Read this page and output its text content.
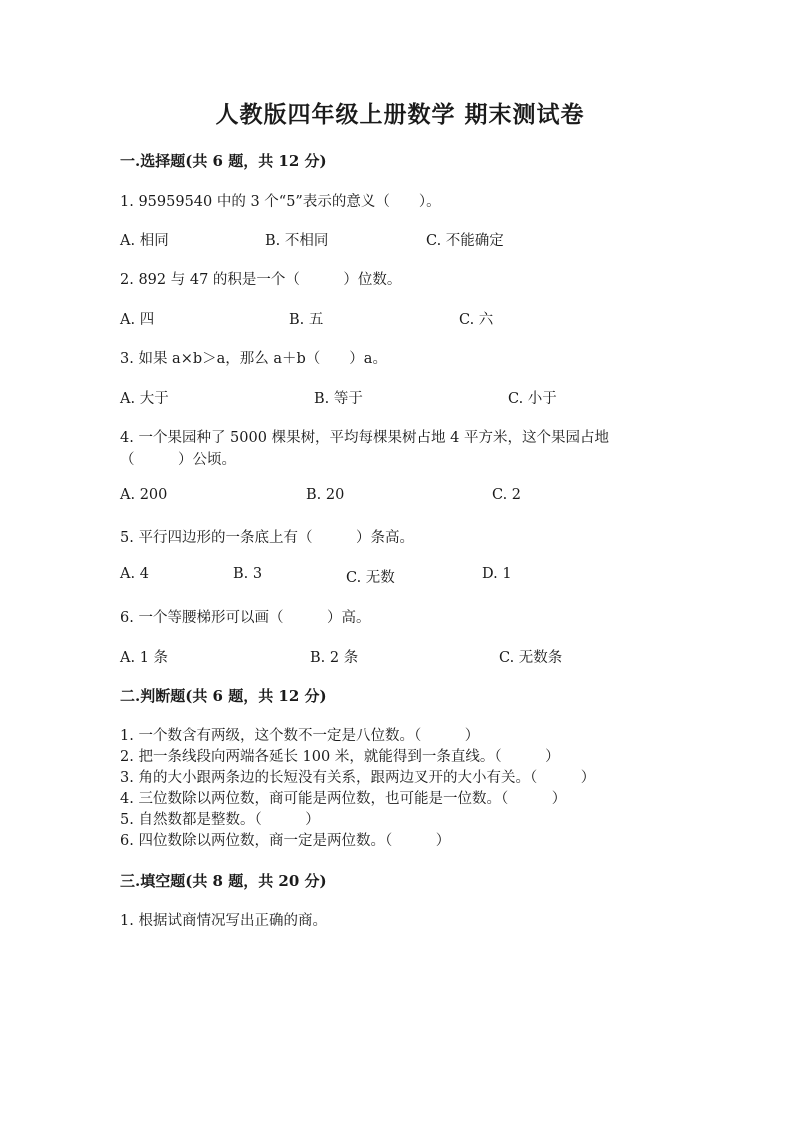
人教版四年级上册数学 期末测试卷
一.选择题(共 6 题，共 12 分)
1. 95959540 中的 3 个“5”表示的意义（　　）。
A. 相同	B. 不相同	C. 不能确定
2. 892 与 47 的积是一个（　　　）位数。
A. 四	B. 五	C. 六
3. 如果 a×b＞a，那么 a＋b（　　）a。
A. 大于	B. 等于	C. 小于
4. 一个果园种了 5000 棵果树，平均每棵果树占地 4 平方米，这个果园占地
（　　　）公顷。
A. 200	B. 20	C. 2
5. 平行四边形的一条底上有（　　　）条高。
A. 4	B. 3	C. 无数	D. 1
6. 一个等腰梯形可以画（　　　）高。
A. 1 条	B. 2 条	C. 无数条
二.判断题(共 6 题，共 12 分)
1. 一个数含有两级，这个数不一定是八位数。（　　　）
2. 把一条线段向两端各延长 100 米，就能得到一条直线。（　　　）
3. 角的大小跟两条边的长短没有关系，跟两边叉开的大小有关。（　　　）
4. 三位数除以两位数，商可能是两位数，也可能是一位数。（　　　）
5. 自然数都是整数。（　　　）
6. 四位数除以两位数，商一定是两位数。（　　　）
三.填空题(共 8 题，共 20 分)
1. 根据试商情况写出正确的商。
